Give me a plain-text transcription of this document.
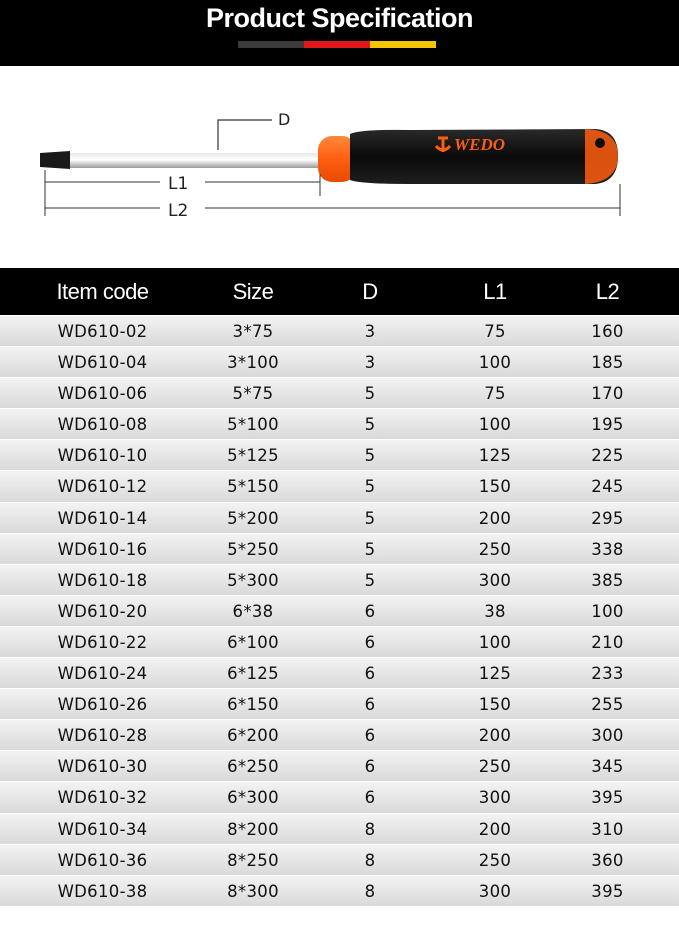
Product Specification
WEDO
D
L1
L2
Item code	Size	D	L1	L2
WD610-02	3*75	3	75	160
WD610-04	3*100	3	100	185
WD610-06	5*75	5	75	170
WD610-08	5*100	5	100	195
WD610-10	5*125	5	125	225
WD610-12	5*150	5	150	245
WD610-14	5*200	5	200	295
WD610-16	5*250	5	250	338
WD610-18	5*300	5	300	385
WD610-20	6*38	6	38	100
WD610-22	6*100	6	100	210
WD610-24	6*125	6	125	233
WD610-26	6*150	6	150	255
WD610-28	6*200	6	200	300
WD610-30	6*250	6	250	345
WD610-32	6*300	6	300	395
WD610-34	8*200	8	200	310
WD610-36	8*250	8	250	360
WD610-38	8*300	8	300	395
